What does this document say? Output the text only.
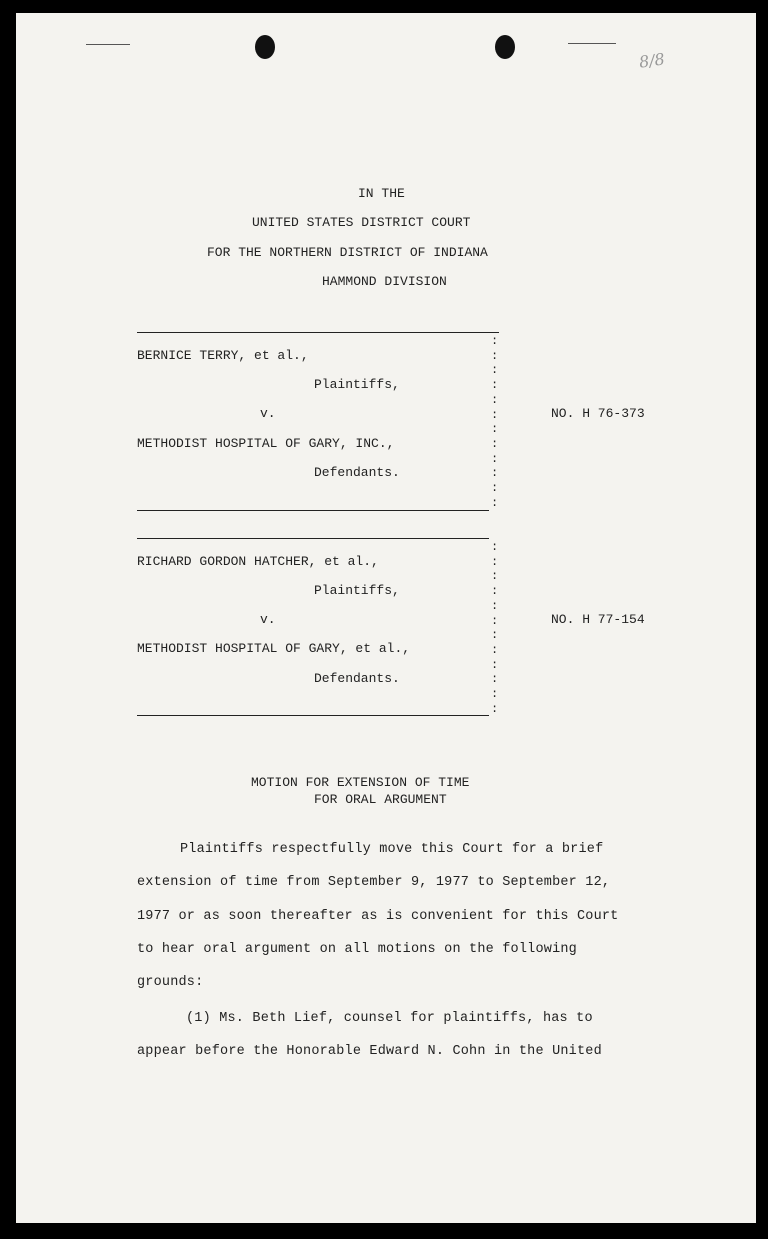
8/8
IN THE
UNITED STATES DISTRICT COURT
FOR THE NORTHERN DISTRICT OF INDIANA
HAMMOND DIVISION
:
:
:
:
:
:
:
:
:
:
:
:
BERNICE TERRY, et al.,
Plaintiffs,
v.	NO. H 76-373
METHODIST HOSPITAL OF GARY, INC.,
Defendants.
:
:
:
:
:
:
:
:
:
:
:
:
RICHARD GORDON HATCHER, et al.,
Plaintiffs,
v.	NO. H 77-154
METHODIST HOSPITAL OF GARY, et al.,
Defendants.
MOTION FOR EXTENSION OF TIME
FOR ORAL ARGUMENT
Plaintiffs respectfully move this Court for a brief
extension of time from September 9, 1977 to September 12,
1977 or as soon thereafter as is convenient for this Court
to hear oral argument on all motions on the following
grounds:
(1) Ms. Beth Lief, counsel for plaintiffs, has to
appear before the Honorable Edward N. Cohn in the United
